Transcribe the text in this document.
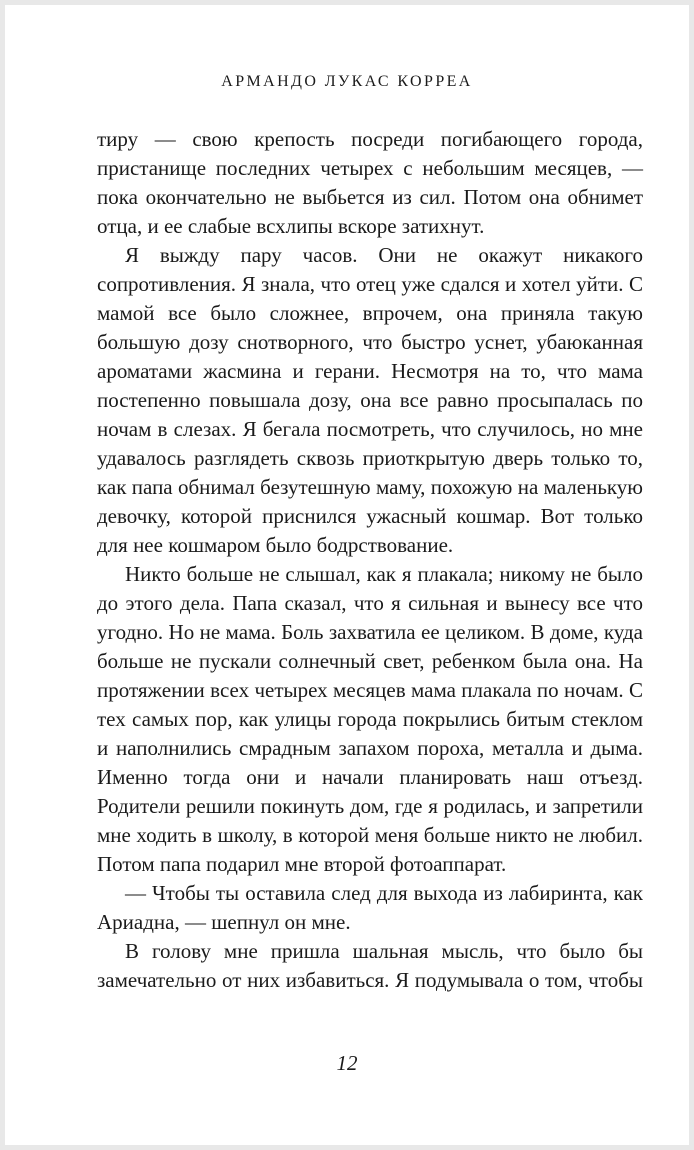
АРМАНДО ЛУКАС КОРРEA

тиру — свою крепость посреди погибающего города, пристанище последних четырех с небольшим месяцев, — пока окончательно не выбьется из сил. Потом она обнимет отца, и ее слабые всхлипы вскоре затихнут.

Я выжду пару часов. Они не окажут никакого сопротивления. Я знала, что отец уже сдался и хотел уйти. С мамой все было сложнее, впрочем, она приняла такую большую дозу снотворного, что быстро уснет, убаюканная ароматами жасмина и герани. Несмотря на то, что мама постепенно повышала дозу, она все равно просыпалась по ночам в слезах. Я бегала посмотреть, что случилось, но мне удавалось разглядеть сквозь приоткрытую дверь только то, как папа обнимал безутешную маму, похожую на маленькую девочку, которой приснился ужасный кошмар. Вот только для нее кошмаром было бодрствование.

Никто больше не слышал, как я плакала; никому не было до этого дела. Папа сказал, что я сильная и вынесу все что угодно. Но не мама. Боль захватила ее целиком. В доме, куда больше не пускали солнечный свет, ребенком была она. На протяжении всех четырех месяцев мама плакала по ночам. С тех самых пор, как улицы города покрылись битым стеклом и наполнились смрадным запахом пороха, металла и дыма. Именно тогда они и начали планировать наш отъезд. Родители решили покинуть дом, где я родилась, и запретили мне ходить в школу, в которой меня больше никто не любил. Потом папа подарил мне второй фотоаппарат.

— Чтобы ты оставила след для выхода из лабиринта, как Ариадна, — шепнул он мне.

В голову мне пришла шальная мысль, что было бы замечательно от них избавиться. Я подумывала о том, чтобы

12
